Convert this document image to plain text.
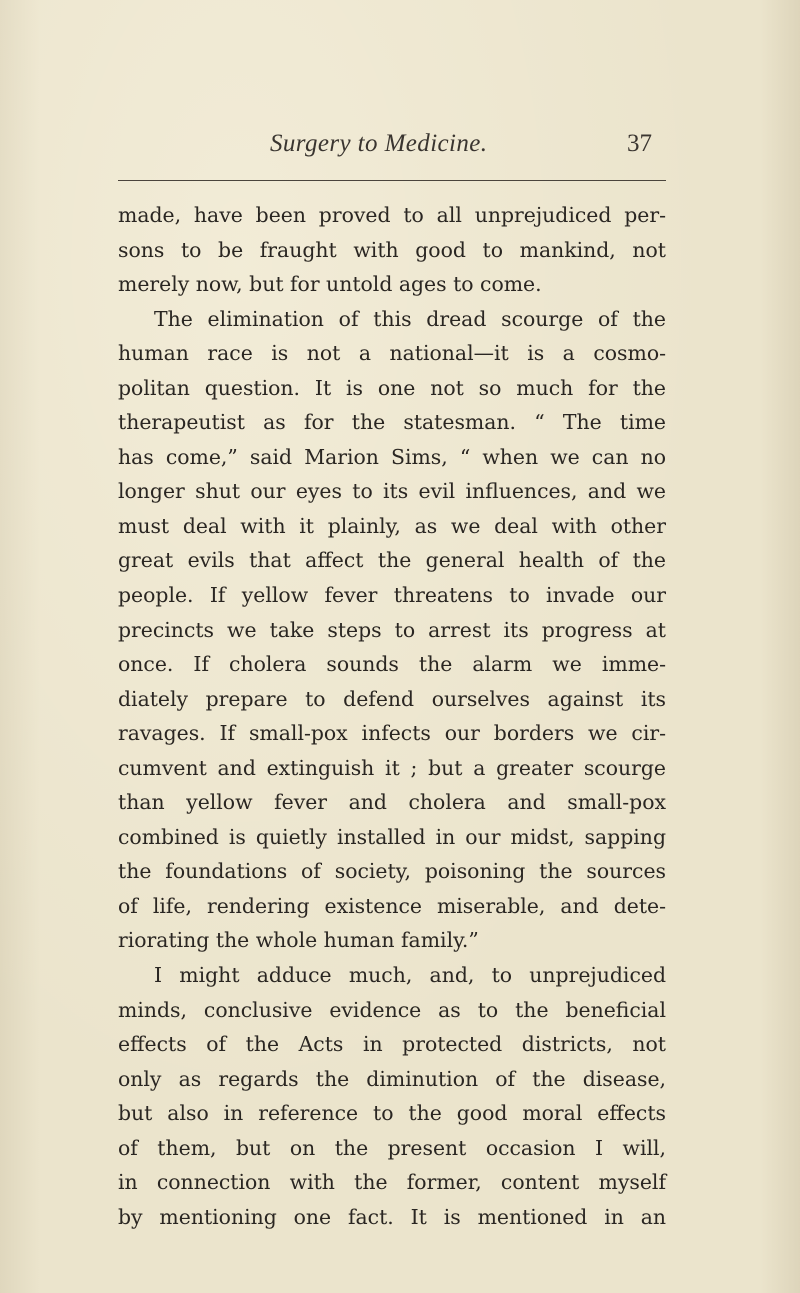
Surgery to Medicine.	37
made, have been proved to all unprejudiced per-
sons to be fraught with good to mankind, not
merely now, but for untold ages to come.
The elimination of this dread scourge of the
human race is not a national—it is a cosmo-
politan question. It is one not so much for the
therapeutist as for the statesman. “ The time
has come,” said Marion Sims, “ when we can no
longer shut our eyes to its evil influences, and we
must deal with it plainly, as we deal with other
great evils that affect the general health of the
people. If yellow fever threatens to invade our
precincts we take steps to arrest its progress at
once. If cholera sounds the alarm we imme-
diately prepare to defend ourselves against its
ravages. If small-pox infects our borders we cir-
cumvent and extinguish it ; but a greater scourge
than yellow fever and cholera and small-pox
combined is quietly installed in our midst, sapping
the foundations of society, poisoning the sources
of life, rendering existence miserable, and dete-
riorating the whole human family.”
I might adduce much, and, to unprejudiced
minds, conclusive evidence as to the beneficial
effects of the Acts in protected districts, not
only as regards the diminution of the disease,
but also in reference to the good moral effects
of them, but on the present occasion I will,
in connection with the former, content myself
by mentioning one fact. It is mentioned in an
